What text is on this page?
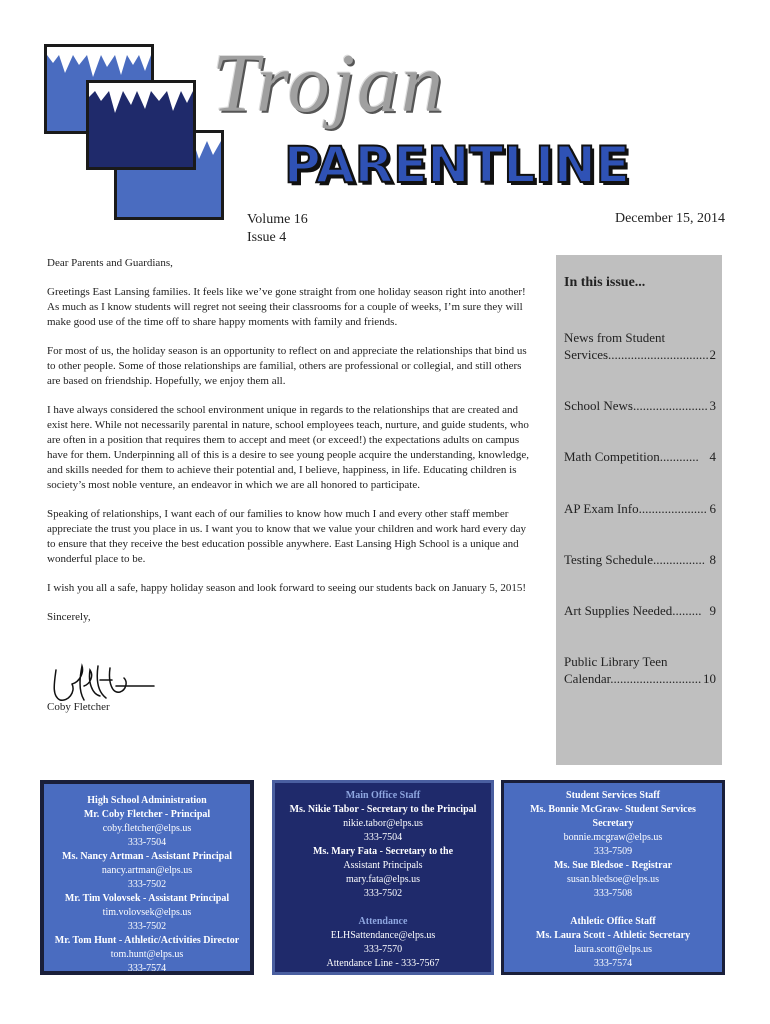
Trojan
PARENTLINE
Volume 16
Issue 4
December 15, 2014

Dear Parents and Guardians,

Greetings East Lansing families. It feels like we’ve gone straight from one holiday season right into another! As much as I know students will regret not seeing their classrooms for a couple of weeks, I’m sure they will make good use of the time off to share happy moments with family and friends.

For most of us, the holiday season is an opportunity to reflect on and appreciate the relationships that bind us to other people. Some of those relationships are familial, others are professional or collegial, and still others are based on friendship. Hopefully, we enjoy them all.

I have always considered the school environment unique in regards to the relationships that are created and exist here. While not necessarily parental in nature, school employees teach, nurture, and guide students, who are often in a position that requires them to accept and meet (or exceed!) the expectations adults on campus have for them. Underpinning all of this is a desire to see young people acquire the understanding, knowledge, and skills needed for them to achieve their potential and, I believe, happiness, in life. Educating children is society’s most noble venture, an endeavor in which we are all honored to participate.

Speaking of relationships, I want each of our families to know how much I and every other staff member appreciate the trust you place in us. I want you to know that we value your children and work hard every day to ensure that they receive the best education possible anywhere. East Lansing High School is a unique and wonderful place to be.

I wish you all a safe, happy holiday season and look forward to seeing our students back on January 5, 2015!

Sincerely,

Coby Fletcher
In this issue...
News from Student
Services............................... 2
School News....................... 3
Math Competition............ 4
AP Exam Info..................... 6
Testing Schedule................ 8
Art Supplies Needed......... 9
Public Library Teen
Calendar............................ 10
High School Administration
Mr. Coby Fletcher - Principal
coby.fletcher@elps.us
333-7504
Ms. Nancy Artman - Assistant Principal
nancy.artman@elps.us
333-7502
Mr. Tim Volovsek - Assistant Principal
tim.volovsek@elps.us
333-7502
Mr. Tom Hunt - Athletic/Activities Director
tom.hunt@elps.us
333-7574
Main Office Staff
Ms. Nikie Tabor - Secretary to the Principal
nikie.tabor@elps.us
333-7504
Ms. Mary Fata - Secretary to the
Assistant Principals
mary.fata@elps.us
333-7502
Attendance
ELHSattendance@elps.us
333-7570
Attendance Line - 333-7567
Student Services Staff
Ms. Bonnie McGraw- Student Services
Secretary
bonnie.mcgraw@elps.us
333-7509
Ms. Sue Bledsoe - Registrar
susan.bledsoe@elps.us
333-7508
Athletic Office Staff
Ms. Laura Scott - Athletic Secretary
laura.scott@elps.us
333-7574
